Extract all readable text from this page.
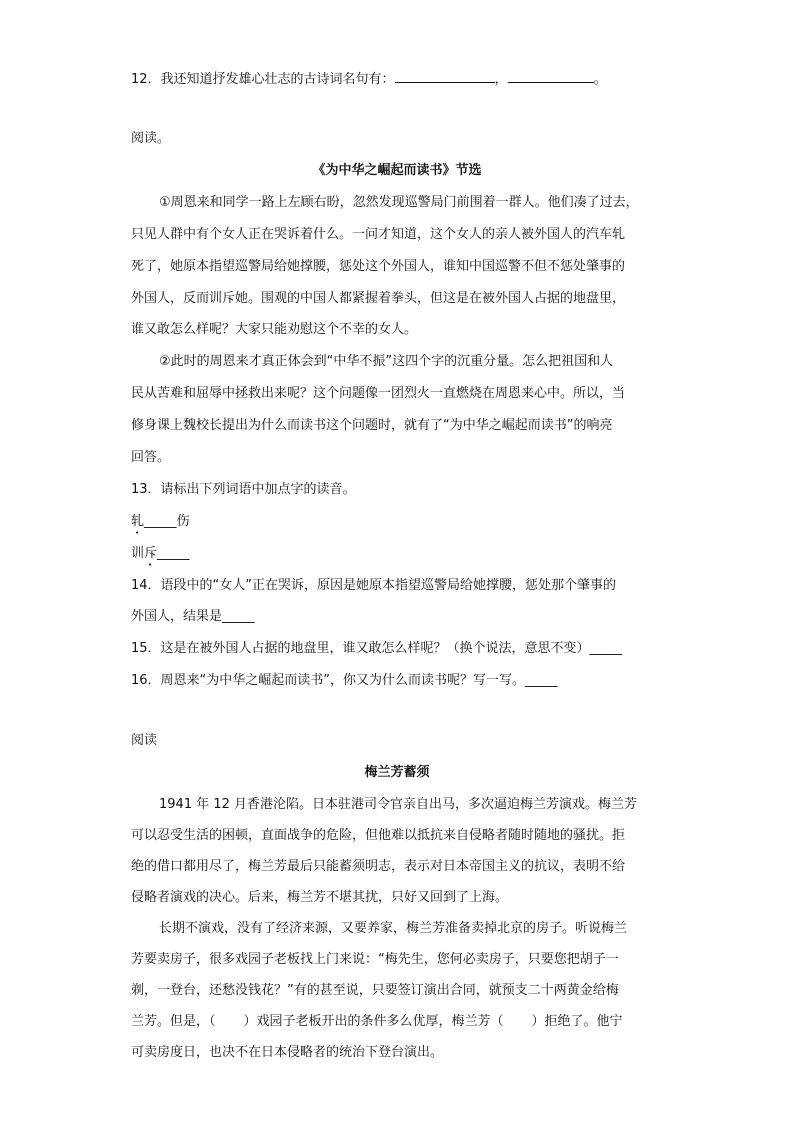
12．我还知道抒发雄心壮志的古诗词名句有：	，	。
阅读。
《为中华之崛起而读书》节选
①周恩来和同学一路上左顾右盼，忽然发现巡警局门前围着一群人。他们凑了过去，
只见人群中有个女人正在哭诉着什么。一问才知道，这个女人的亲人被外国人的汽车轧
死了，她原本指望巡警局给她撑腰，惩处这个外国人，谁知中国巡警不但不惩处肇事的
外国人，反而训斥她。围观的中国人都紧握着拳头，但这是在被外国人占据的地盘里，
谁又敢怎么样呢？大家只能劝慰这个不幸的女人。
②此时的周恩来才真正体会到“中华不振”这四个字的沉重分量。怎么把祖国和人
民从苦难和屈辱中拯救出来呢？这个问题像一团烈火一直燃烧在周恩来心中。所以，当
修身课上魏校长提出为什么而读书这个问题时，就有了“为中华之崛起而读书”的响亮
回答。
13．请标出下列词语中加点字的读音。
轧_____伤
训斥_____
14．语段中的“女人”正在哭诉，原因是她原本指望巡警局给她撑腰，惩处那个肇事的
外国人，结果是_____
15．这是在被外国人占据的地盘里，谁又敢怎么样呢？（换个说法，意思不变）_____
16．周恩来“为中华之崛起而读书”，你又为什么而读书呢？写一写。_____
阅读
梅兰芳蓄须
1941 年 12 月香港沦陷。日本驻港司令官亲自出马，多次逼迫梅兰芳演戏。梅兰芳
可以忍受生活的困顿，直面战争的危险，但他难以抵抗来自侵略者随时随地的骚扰。拒
绝的借口都用尽了，梅兰芳最后只能蓄须明志，表示对日本帝国主义的抗议，表明不给
侵略者演戏的决心。后来，梅兰芳不堪其扰，只好又回到了上海。
长期不演戏，没有了经济来源，又要养家，梅兰芳准备卖掉北京的房子。听说梅兰
芳要卖房子，很多戏园子老板找上门来说：“梅先生，您何必卖房子，只要您把胡子一
剃，一登台，还愁没钱花？”有的甚至说，只要签订演出合同，就预支二十两黄金给梅
兰芳。但是，（ ）戏园子老板开出的条件多么优厚，梅兰芳（ ）拒绝了。他宁
可卖房度日，也决不在日本侵略者的统治下登台演出。
